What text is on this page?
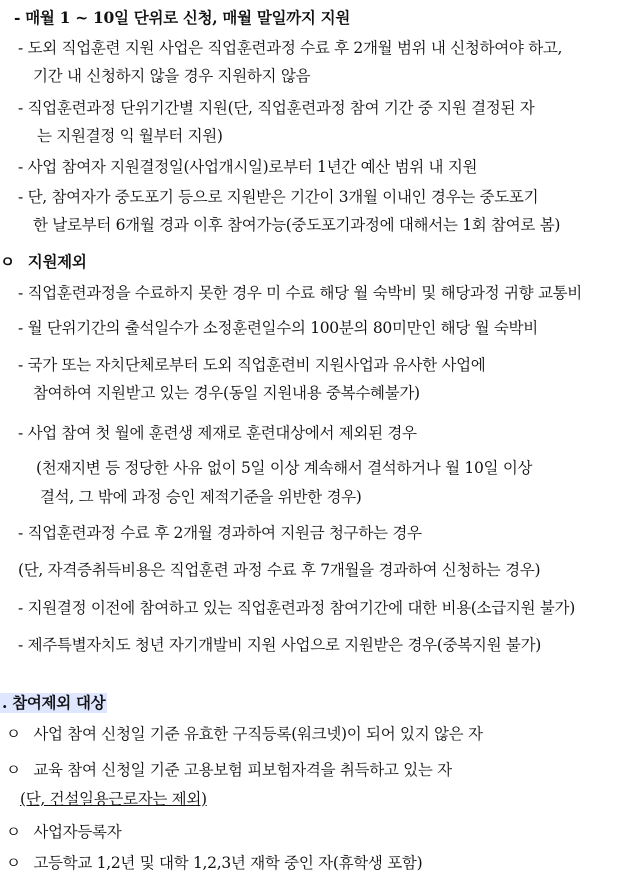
- 매월 1 ~ 10일 단위로 신청, 매월 말일까지 지원
- 도외 직업훈련 지원 사업은 직업훈련과정 수료 후 2개월 범위 내 신청하여야 하고,
기간 내 신청하지 않을 경우 지원하지 않음
- 직업훈련과정 단위기간별 지원(단, 직업훈련과정 참여 기간 중 지원 결정된 자
는 지원결정 익 월부터 지원)
- 사업 참여자 지원결정일(사업개시일)로부터 1년간 예산 범위 내 지원
- 단, 참여자가 중도포기 등으로 지원받은 기간이 3개월 이내인 경우는 중도포기
한 날로부터 6개월 경과 이후 참여가능(중도포기과정에 대해서는 1회 참여로 봄)
ㅇ 지원제외
- 직업훈련과정을 수료하지 못한 경우 미 수료 해당 월 숙박비 및 해당과정 귀향 교통비
- 월 단위기간의 출석일수가 소정훈련일수의 100분의 80미만인 해당 월 숙박비
- 국가 또는 자치단체로부터 도외 직업훈련비 지원사업과 유사한 사업에
참여하여 지원받고 있는 경우(동일 지원내용 중복수혜불가)
- 사업 참여 첫 월에 훈련생 제재로 훈련대상에서 제외된 경우
(천재지변 등 정당한 사유 없이 5일 이상 계속해서 결석하거나 월 10일 이상
결석, 그 밖에 과정 승인 제적기준을 위반한 경우)
- 직업훈련과정 수료 후 2개월 경과하여 지원금 청구하는 경우
(단, 자격증취득비용은 직업훈련 과정 수료 후 7개월을 경과하여 신청하는 경우)
- 지원결정 이전에 참여하고 있는 직업훈련과정 참여기간에 대한 비용(소급지원 불가)
- 제주특별자치도 청년 자기개발비 지원 사업으로 지원받은 경우(중복지원 불가)
. 참여제외 대상
ㅇ 사업 참여 신청일 기준 유효한 구직등록(워크넷)이 되어 있지 않은 자
ㅇ 교육 참여 신청일 기준 고용보험 피보험자격을 취득하고 있는 자
(단, 건설일용근로자는 제외)
ㅇ 사업자등록자
ㅇ 고등학교 1,2년 및 대학 1,2,3년 재학 중인 자(휴학생 포함)
